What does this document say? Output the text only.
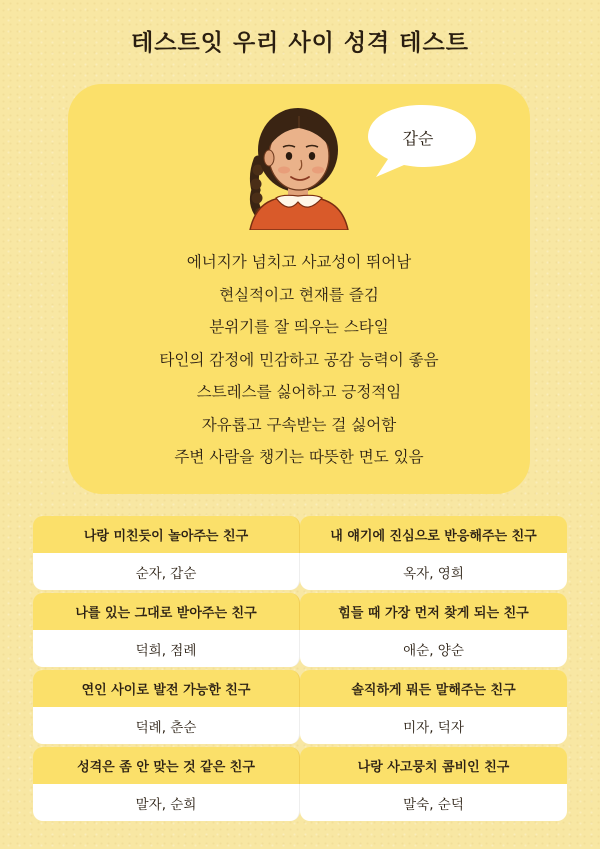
테스트잇 우리 사이 성격 테스트
갑순
에너지가 넘치고 사교성이 뛰어남
현실적이고 현재를 즐김
분위기를 잘 띄우는 스타일
타인의 감정에 민감하고 공감 능력이 좋음
스트레스를 싫어하고 긍정적임
자유롭고 구속받는 걸 싫어함
주변 사람을 챙기는 따뜻한 면도 있음
나랑 미친듯이 놀아주는 친구
순자, 갑순
내 얘기에 진심으로 반응해주는 친구
옥자, 영희
나를 있는 그대로 받아주는 친구
덕희, 점례
힘들 때 가장 먼저 찾게 되는 친구
애순, 양순
연인 사이로 발전 가능한 친구
덕례, 춘순
솔직하게 뭐든 말해주는 친구
미자, 덕자
성격은 좀 안 맞는 것 같은 친구
말자, 순희
나랑 사고뭉치 콤비인 친구
말숙, 순덕
